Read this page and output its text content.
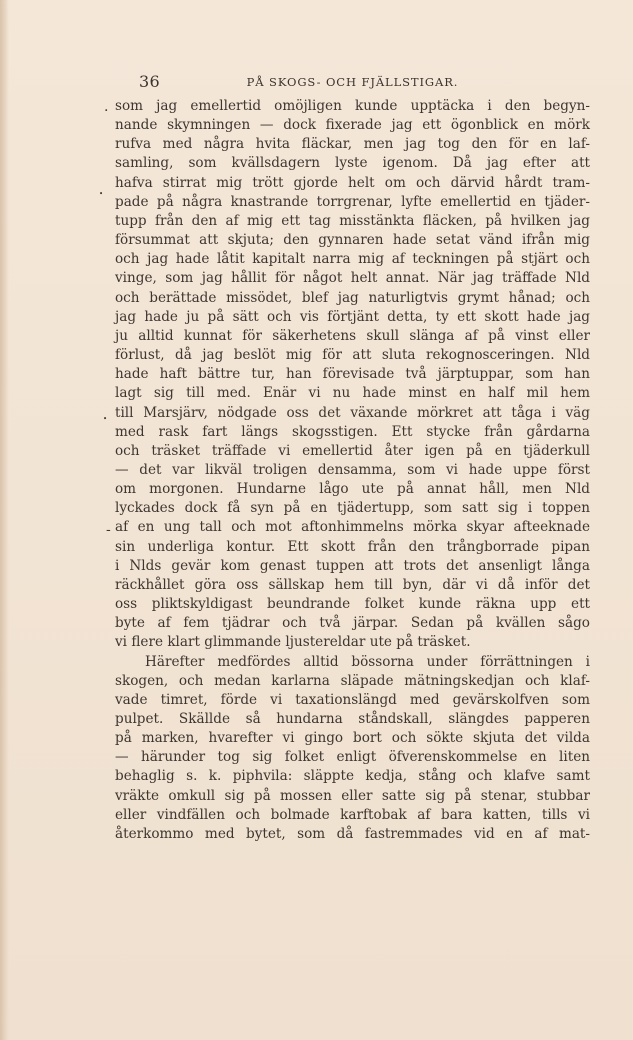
36	PÅ SKOGS- OCH FJÄLLSTIGAR.
.
•
•
-
som jag emellertid omöjligen kunde upptäcka i den begyn-
nande skymningen — dock fixerade jag ett ögonblick en mörk
rufva med några hvita fläckar, men jag tog den för en laf-
samling, som kvällsdagern lyste igenom. Då jag efter att
hafva stirrat mig trött gjorde helt om och därvid hårdt tram-
pade på några knastrande torrgrenar, lyfte emellertid en tjäder-
tupp från den af mig ett tag misstänkta fläcken, på hvilken jag
försummat att skjuta; den gynnaren hade setat vänd ifrån mig
och jag hade låtit kapitalt narra mig af teckningen på stjärt och
vinge, som jag hållit för något helt annat. När jag träffade Nld
och berättade missödet, blef jag naturligtvis grymt hånad; och
jag hade ju på sätt och vis förtjänt detta, ty ett skott hade jag
ju alltid kunnat för säkerhetens skull slänga af på vinst eller
förlust, då jag beslöt mig för att sluta rekognosceringen. Nld
hade haft bättre tur, han förevisade två järptuppar, som han
lagt sig till med. Enär vi nu hade minst en half mil hem
till Marsjärv, nödgade oss det växande mörkret att tåga i väg
med rask fart längs skogsstigen. Ett stycke från gårdarna
och träsket träffade vi emellertid åter igen på en tjäderkull
— det var likväl troligen densamma, som vi hade uppe först
om morgonen. Hundarne lågo ute på annat håll, men Nld
lyckades dock få syn på en tjädertupp, som satt sig i toppen
af en ung tall och mot aftonhimmelns mörka skyar afteeknade
sin underliga kontur. Ett skott från den trångborrade pipan
i Nlds gevär kom genast tuppen att trots det ansenligt långa
räckhållet göra oss sällskap hem till byn, där vi då inför det
oss pliktskyldigast beundrande folket kunde räkna upp ett
byte af fem tjädrar och två järpar. Sedan på kvällen sågo
vi flere klart glimmande ljustereldar ute på träsket.
Härefter medfördes alltid bössorna under förrättningen i
skogen, och medan karlarna släpade mätningskedjan och klaf-
vade timret, förde vi taxationslängd med gevärskolfven som
pulpet. Skällde så hundarna ståndskall, slängdes papperen
på marken, hvarefter vi gingo bort och sökte skjuta det vilda
— härunder tog sig folket enligt öfverenskommelse en liten
behaglig s. k. piphvila: släppte kedja, stång och klafve samt
vräkte omkull sig på mossen eller satte sig på stenar, stubbar
eller vindfällen och bolmade karftobak af bara katten, tills vi
återkommo med bytet, som då fastremmades vid en af mat-
